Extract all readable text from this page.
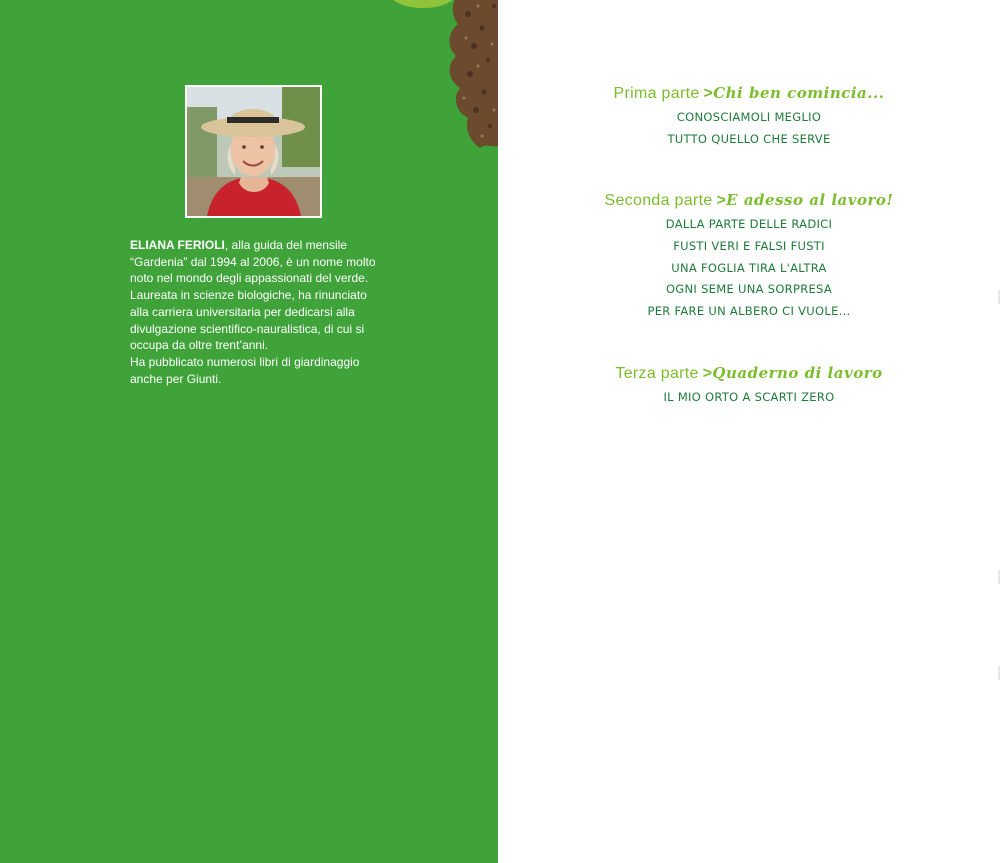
ELIANA FERIOLI, alla guida del mensile

“Gardenia” dal 1994 al 2006, è un nome molto

noto nel mondo degli appassionati del verde.

Laureata in scienze biologiche, ha rinunciato

alla carriera universitaria per dedicarsi alla

divulgazione scientifico-nauralistica, di cui si

occupa da oltre trent’anni.

Ha pubblicato numerosi libri di giardinaggio

anche per Giunti.

Prima parte >Chi ben comincia...
CONOSCIAMOLI MEGLIO
TUTTO QUELLO CHE SERVE
Seconda parte >E adesso al lavoro!
DALLA PARTE DELLE RADICI
FUSTI VERI E FALSI FUSTI
UNA FOGLIA TIRA L'ALTRA
OGNI SEME UNA SORPRESA
PER FARE UN ALBERO CI VUOLE...
Terza parte >Quaderno di lavoro
IL MIO ORTO A SCARTI ZERO
